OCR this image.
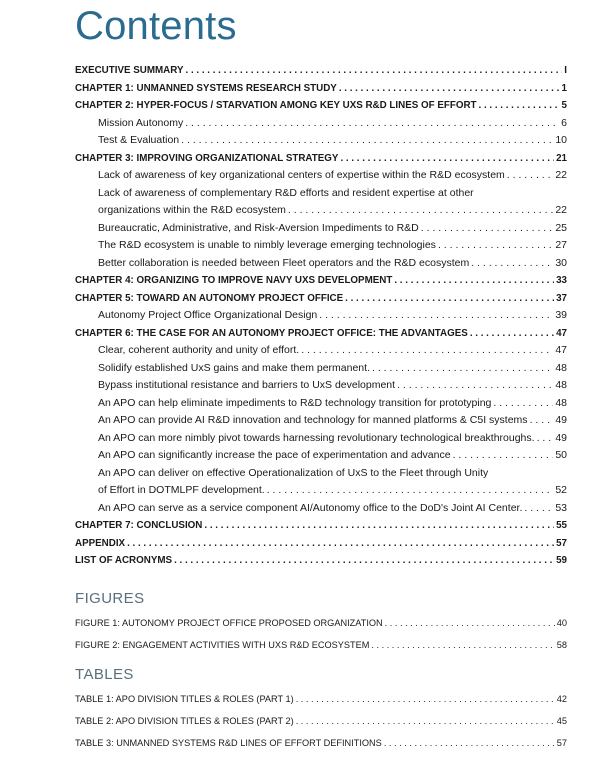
Contents
EXECUTIVE SUMMARY . . .	I
CHAPTER 1: UNMANNED SYSTEMS RESEARCH STUDY . . .	1
CHAPTER 2: HYPER-FOCUS / STARVATION AMONG KEY UXS R&D LINES OF EFFORT . . .	5
Mission Autonomy . . .	6
Test & Evaluation . . .	10
CHAPTER 3: IMPROVING ORGANIZATIONAL STRATEGY . . .	21
Lack of awareness of key organizational centers of expertise within the R&D ecosystem . . .	22
Lack of awareness of complementary R&D efforts and resident expertise at other
organizations within the R&D ecosystem . . .	22
Bureaucratic, Administrative, and Risk-Aversion Impediments to R&D . . .	25
The R&D ecosystem is unable to nimbly leverage emerging technologies . . .	27
Better collaboration is needed between Fleet operators and the R&D ecosystem . . .	30
CHAPTER 4: ORGANIZING TO IMPROVE NAVY UXS DEVELOPMENT . . .	33
CHAPTER 5: TOWARD AN AUTONOMY PROJECT OFFICE . . .	37
Autonomy Project Office Organizational Design . . .	39
CHAPTER 6: THE CASE FOR AN AUTONOMY PROJECT OFFICE: THE ADVANTAGES . . .	47
Clear, coherent authority and unity of effort. . . .	47
Solidify established UxS gains and make them permanent. . . .	48
Bypass institutional resistance and barriers to UxS development . . .	48
An APO can help eliminate impediments to R&D technology transition for prototyping . . .	48
An APO can provide AI R&D innovation and technology for manned platforms & C5I systems . . .	49
An APO can more nimbly pivot towards harnessing revolutionary technological breakthroughs. . . . 49
An APO can significantly increase the pace of experimentation and advance . . .	50
An APO can deliver on effective Operationalization of UxS to the Fleet through Unity
of Effort in DOTMLPF development. . . .	52
An APO can serve as a service component AI/Autonomy office to the DoD's Joint AI Center. . . .	53
CHAPTER 7: CONCLUSION . . .	55
APPENDIX . . .	57
LIST OF ACRONYMS . . .	59
FIGURES
FIGURE 1: AUTONOMY PROJECT OFFICE PROPOSED ORGANIZATION . . .	40
FIGURE 2: ENGAGEMENT ACTIVITIES WITH UXS R&D ECOSYSTEM . . .	58
TABLES
TABLE 1: APO DIVISION TITLES & ROLES (PART 1) . . .	42
TABLE 2: APO DIVISION TITLES & ROLES (PART 2) . . .	45
TABLE 3: UNMANNED SYSTEMS R&D LINES OF EFFORT DEFINITIONS . . .	57
